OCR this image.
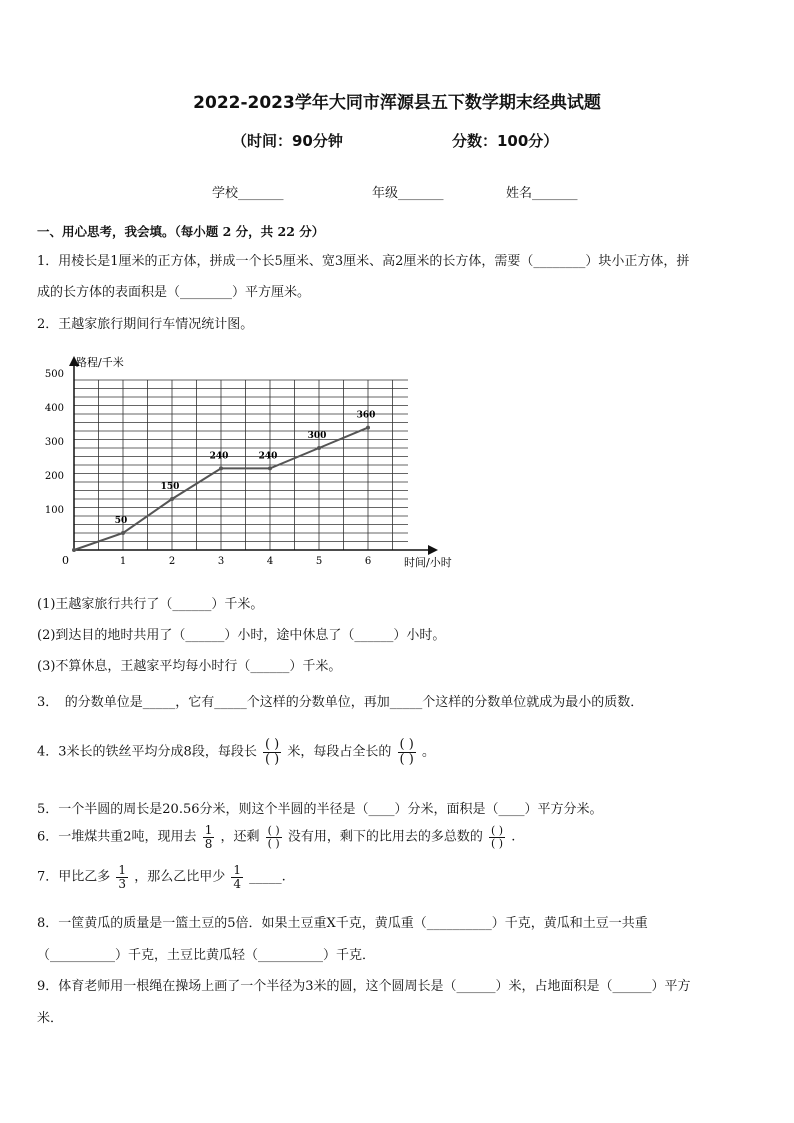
2022-2023学年大同市浑源县五下数学期末经典试题
（时间：90分钟	分数：100分）
学校_______	年级_______	姓名_______
一、用心思考，我会填。（每小题 2 分，共 22 分）
1．用棱长是1厘米的正方体，拼成一个长5厘米、宽3厘米、高2厘米的长方体，需要（________）块小正方体，拼
成的长方体的表面积是（________）平方厘米。
2．王越家旅行期间行车情况统计图。
1	2	3	4	5	6
100
200
300
400
500
50
150
240	240
300
360
路程/千米
时间/小时
0
(1)王越家旅行共行了（______）千米。
(2)到达目的地时共用了（______）小时，途中休息了（______）小时。
(3)不算休息，王越家平均每小时行（______）千米。
3．　的分数单位是_____，它有_____个这样的分数单位，再加_____个这样的分数单位就成为最小的质数．
4．3米长的铁丝平均分成8段，每段长 $\frac{( )}{( )}$ 米，每段占全长的 $\frac{( )}{( )}$ 。
5．一个半圆的周长是20.56分米，则这个半圆的半径是（____）分米，面积是（____）平方分米。
6．一堆煤共重2吨，现用去 $\frac{1}{8}$ ，还剩 $\frac{( )}{( )}$ 没有用，剩下的比用去的多总数的 $\frac{( )}{( )}$ .
7．甲比乙多 $\frac{1}{3}$ ，那么乙比甲少 $\frac{1}{4}$ _____.
8．一筐黄瓜的质量是一篮土豆的5倍．如果土豆重X千克，黄瓜重（__________）千克，黄瓜和土豆一共重
（__________）千克，土豆比黄瓜轻（__________）千克．
9．体育老师用一根绳在操场上画了一个半径为3米的圆，这个圆周长是（______）米，占地面积是（______）平方
米．
